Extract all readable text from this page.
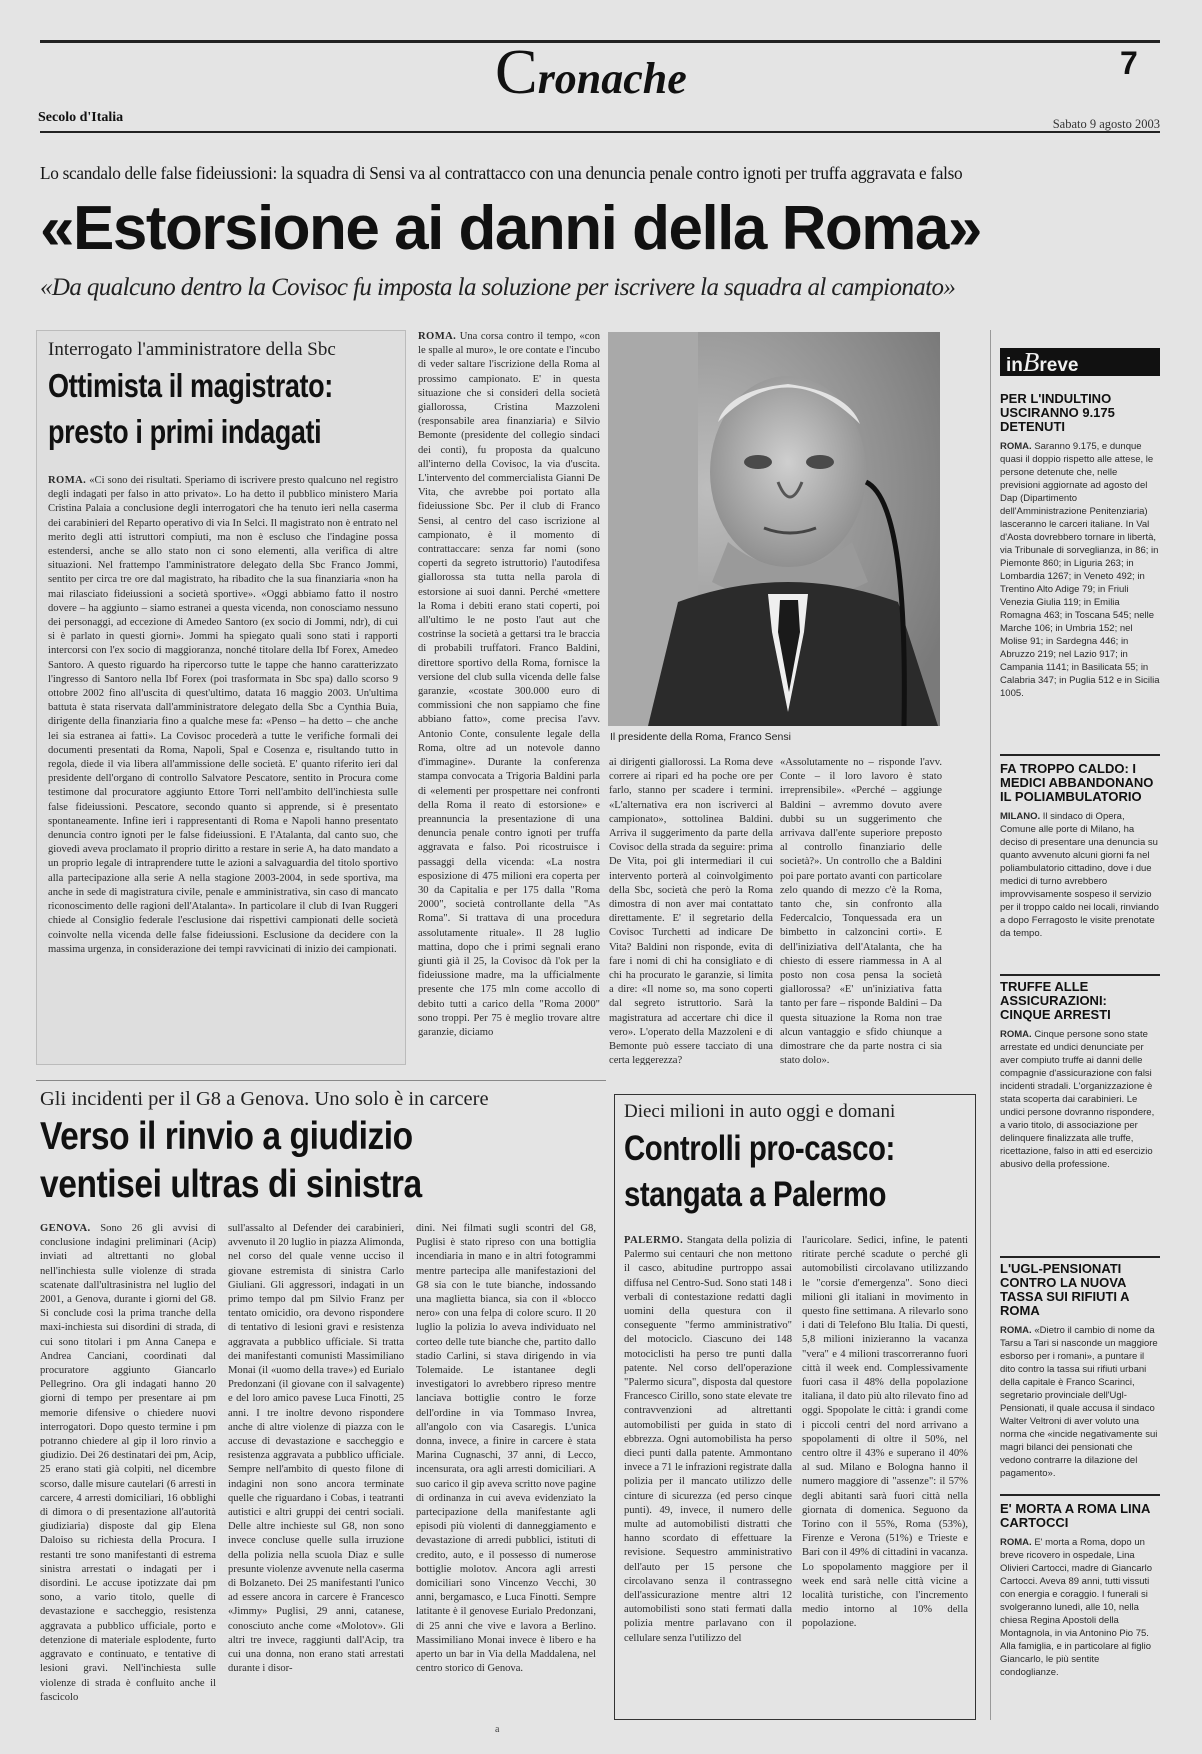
Cronache	7
Secolo d'Italia	Sabato 9 agosto 2003
Lo scandalo delle false fideiussioni: la squadra di Sensi va al contrattacco con una denuncia penale contro ignoti per truffa aggravata e falso
«Estorsione ai danni della Roma»
«Da qualcuno dentro la Covisoc fu imposta la soluzione per iscrivere la squadra al campionato»
Interrogato l'amministratore della Sbc
Ottimista il magistrato:
presto i primi indagati

ROMA. «Ci sono dei risultati. Speriamo di iscrivere presto qualcuno nel registro degli indagati per falso in atto privato». Lo ha detto il pubblico ministero Maria Cristina Palaia a conclusione degli interrogatori che ha tenuto ieri nella caserma dei carabinieri del Reparto operativo di via In Selci. Il magistrato non è entrato nel merito degli atti istruttori compiuti, ma non è escluso che l'indagine possa estendersi, anche se allo stato non ci sono elementi, alla verifica di altre situazioni. Nel frattempo l'amministratore delegato della Sbc Franco Jommi, sentito per circa tre ore dal magistrato, ha ribadito che la sua finanziaria «non ha mai rilasciato fideiussioni a società sportive». «Oggi abbiamo fatto il nostro dovere – ha aggiunto – siamo estranei a questa vicenda, non conosciamo nessuno dei personaggi, ad eccezione di Amedeo Santoro (ex socio di Jommi, ndr), di cui si è parlato in questi giorni». Jommi ha spiegato quali sono stati i rapporti intercorsi con l'ex socio di maggioranza, nonché titolare della Ibf Forex, Amedeo Santoro. A questo riguardo ha ripercorso tutte le tappe che hanno caratterizzato l'ingresso di Santoro nella Ibf Forex (poi trasformata in Sbc spa) dallo scorso 9 ottobre 2002 fino all'uscita di quest'ultimo, datata 16 maggio 2003. Un'ultima battuta è stata riservata dall'amministratore delegato della Sbc a Cynthia Buia, dirigente della finanziaria fino a qualche mese fa: «Penso – ha detto – che anche lei sia estranea ai fatti». La Covisoc procederà a tutte le verifiche formali dei documenti presentati da Roma, Napoli, Spal e Cosenza e, risultando tutto in regola, diede il via libera all'ammissione delle società. E' quanto riferito ieri dal presidente dell'organo di controllo Salvatore Pescatore, sentito in Procura come testimone dal procuratore aggiunto Ettore Torri nell'ambito dell'inchiesta sulle false fideiussioni. Pescatore, secondo quanto si apprende, si è presentato spontaneamente. Infine ieri i rappresentanti di Roma e Napoli hanno presentato denuncia contro ignoti per le false fideiussioni. E l'Atalanta, dal canto suo, che giovedì aveva proclamato il proprio diritto a restare in serie A, ha dato mandato a un proprio legale di intraprendere tutte le azioni a salvaguardia del titolo sportivo alla partecipazione alla serie A nella stagione 2003-2004, in sede sportiva, ma anche in sede di magistratura civile, penale e amministrativa, sin caso di mancato riconoscimento delle ragioni dell'Atalanta». In particolare il club di Ivan Ruggeri chiede al Consiglio federale l'esclusione dai rispettivi campionati delle società coinvolte nella vicenda delle false fideiussioni. Esclusione da decidere con la massima urgenza, in considerazione dei tempi ravvicinati di inizio dei campionati.

ROMA. Una corsa contro il tempo, «con le spalle al muro», le ore contate e l'incubo di veder saltare l'iscrizione della Roma al prossimo campionato. E' in questa situazione che si consideri della società giallorossa, Cristina Mazzoleni (responsabile area finanziaria) e Silvio Bemonte (presidente del collegio sindaci dei conti), fu proposta da qualcuno all'interno della Covisoc, la via d'uscita. L'intervento del commercialista Gianni De Vita, che avrebbe poi portato alla fideiussione Sbc. Per il club di Franco Sensi, al centro del caso iscrizione al campionato, è il momento di contrattaccare: senza far nomi (sono coperti da segreto istruttorio) l'autodifesa giallorossa sta tutta nella parola di estorsione ai suoi danni. Perché «mettere la Roma i debiti erano stati coperti, poi all'ultimo le ne posto l'aut aut che costrinse la società a gettarsi tra le braccia di probabili truffatori. Franco Baldini, direttore sportivo della Roma, fornisce la versione del club sulla vicenda delle false garanzie, «costate 300.000 euro di commissioni che non sappiamo che fine abbiano fatto», come precisa l'avv. Antonio Conte, consulente legale della Roma, oltre ad un notevole danno d'immagine». Durante la conferenza stampa convocata a Trigoria Baldini parla di «elementi per prospettare nei confronti della Roma il reato di estorsione» e preannuncia la presentazione di una denuncia penale contro ignoti per truffa aggravata e falso. Poi ricostruisce i passaggi della vicenda: «La nostra esposizione di 475 milioni era coperta per 30 da Capitalia e per 175 dalla "Roma 2000", società controllante della "As Roma". Si trattava di una procedura assolutamente rituale». Il 28 luglio mattina, dopo che i primi segnali erano giunti già il 25, la Covisoc dà l'ok per la fideiussione madre, ma la ufficialmente presente che 175 mln come accollo di debito tutti a carico della "Roma 2000" sono troppi. Per 75 è meglio trovare altre garanzie, diciamo

Il presidente della Roma, Franco Sensi

ai dirigenti giallorossi. La Roma deve correre ai ripari ed ha poche ore per farlo, stanno per scadere i termini. «L'alternativa era non iscriverci al campionato», sottolinea Baldini. Arriva il suggerimento da parte della Covisoc della strada da seguire: prima De Vita, poi gli intermediari il cui intervento porterà al coinvolgimento della Sbc, società che però la Roma dimostra di non aver mai contattato direttamente. E' il segretario della Covisoc Turchetti ad indicare De Vita? Baldini non risponde, evita di fare i nomi di chi ha consigliato e di chi ha procurato le garanzie, si limita a dire: «Il nome so, ma sono coperti dal segreto istruttorio. Sarà la magistratura ad accertare chi dice il vero». L'operato della Mazzoleni e di Bemonte può essere tacciato di una certa leggerezza?

«Assolutamente no – risponde l'avv. Conte – il loro lavoro è stato irreprensibile». «Perché – aggiunge Baldini – avremmo dovuto avere dubbi su un suggerimento che arrivava dall'ente superiore preposto al controllo finanziario delle società?». Un controllo che a Baldini poi pare portato avanti con particolare zelo quando di mezzo c'è la Roma, tanto che, sin confronto alla Federcalcio, Tonquessada era un bimbetto in calzoncini corti». E dell'iniziativa dell'Atalanta, che ha chiesto di essere riammessa in A al posto non cosa pensa la società giallorossa? «E' un'iniziativa fatta tanto per fare – risponde Baldini – Da questa situazione la Roma non trae alcun vantaggio e sfido chiunque a dimostrare che da parte nostra ci sia stato dolo».

inBreve
PER L'INDULTINO USCIRANNO 9.175 DETENUTI
ROMA. Saranno 9.175, e dunque quasi il doppio rispetto alle attese, le persone detenute che, nelle previsioni aggiornate ad agosto del Dap (Dipartimento dell'Amministrazione Penitenziaria) lasceranno le carceri italiane. In Val d'Aosta dovrebbero tornare in libertà, via Tribunale di sorveglianza, in 86; in Piemonte 860; in Liguria 263; in Lombardia 1267; in Veneto 492; in Trentino Alto Adige 79; in Friuli Venezia Giulia 119; in Emilia Romagna 463; in Toscana 545; nelle Marche 106; in Umbria 152; nel Molise 91; in Sardegna 446; in Abruzzo 219; nel Lazio 917; in Campania 1141; in Basilicata 55; in Calabria 347; in Puglia 512 e in Sicilia 1005.
FA TROPPO CALDO: I MEDICI ABBANDONANO IL POLIAMBULATORIO
MILANO. Il sindaco di Opera, Comune alle porte di Milano, ha deciso di presentare una denuncia su quanto avvenuto alcuni giorni fa nel poliambulatorio cittadino, dove i due medici di turno avrebbero improvvisamente sospeso il servizio per il troppo caldo nei locali, rinviando a dopo Ferragosto le visite prenotate da tempo.
TRUFFE ALLE ASSICURAZIONI: CINQUE ARRESTI
ROMA. Cinque persone sono state arrestate ed undici denunciate per aver compiuto truffe ai danni delle compagnie d'assicurazione con falsi incidenti stradali. L'organizzazione è stata scoperta dai carabinieri. Le undici persone dovranno rispondere, a vario titolo, di associazione per delinquere finalizzata alle truffe, ricettazione, falso in atti ed esercizio abusivo della professione.
L'UGL-PENSIONATI CONTRO LA NUOVA TASSA SUI RIFIUTI A ROMA
ROMA. «Dietro il cambio di nome da Tarsu a Tari si nasconde un maggiore esborso per i romani», a puntare il dito contro la tassa sui rifiuti urbani della capitale è Franco Scarinci, segretario provinciale dell'Ugl-Pensionati, il quale accusa il sindaco Walter Veltroni di aver voluto una norma che «incide negativamente sui magri bilanci dei pensionati che vedono contrarre la dilazione del pagamento».
E' MORTA A ROMA LINA CARTOCCI
ROMA. E' morta a Roma, dopo un breve ricovero in ospedale, Lina Olivieri Cartocci, madre di Giancarlo Cartocci. Aveva 89 anni, tutti vissuti con energia e coraggio. I funerali si svolgeranno lunedì, alle 10, nella chiesa Regina Apostoli della Montagnola, in via Antonino Pio 75. Alla famiglia, e in particolare al figlio Giancarlo, le più sentite condoglianze.
Gli incidenti per il G8 a Genova. Uno solo è in carcere
Verso il rinvio a giudizio
ventisei ultras di sinistra

GENOVA. Sono 26 gli avvisi di conclusione indagini preliminari (Acip) inviati ad altrettanti no global nell'inchiesta sulle violenze di strada scatenate dall'ultrasinistra nel luglio del 2001, a Genova, durante i giorni del G8. Si conclude così la prima tranche della maxi-inchiesta sui disordini di strada, di cui sono titolari i pm Anna Canepa e Andrea Canciani, coordinati dal procuratore aggiunto Giancarlo Pellegrino. Ora gli indagati hanno 20 giorni di tempo per presentare ai pm memorie difensive o chiedere nuovi interrogatori. Dopo questo termine i pm potranno chiedere al gip il loro rinvio a giudizio. Dei 26 destinatari dei pm, Acip, 25 erano stati già colpiti, nel dicembre scorso, dalle misure cautelari (6 arresti in carcere, 4 arresti domiciliari, 16 obblighi di dimora o di presentazione all'autorità giudiziaria) disposte dal gip Elena Daloiso su richiesta della Procura. I restanti tre sono manifestanti di estrema sinistra arrestati o indagati per i disordini. Le accuse ipotizzate dai pm sono, a vario titolo, quelle di devastazione e saccheggio, resistenza aggravata a pubblico ufficiale, porto e detenzione di materiale esplodente, furto aggravato e continuato, e tentative di lesioni gravi. Nell'inchiesta sulle violenze di strada è confluito anche il fascicolo

sull'assalto al Defender dei carabinieri, avvenuto il 20 luglio in piazza Alimonda, nel corso del quale venne ucciso il giovane estremista di sinistra Carlo Giuliani. Gli aggressori, indagati in un primo tempo dal pm Silvio Franz per tentato omicidio, ora devono rispondere di tentativo di lesioni gravi e resistenza aggravata a pubblico ufficiale. Si tratta dei manifestanti comunisti Massimiliano Monai (il «uomo della trave») ed Eurialo Predonzani (il giovane con il salvagente) e del loro amico pavese Luca Finotti, 25 anni. I tre inoltre devono rispondere anche di altre violenze di piazza con le accuse di devastazione e saccheggio e resistenza aggravata a pubblico ufficiale. Sempre nell'ambito di questo filone di indagini non sono ancora terminate quelle che riguardano i Cobas, i teatranti autistici e altri gruppi dei centri sociali. Delle altre inchieste sul G8, non sono invece concluse quelle sulla irruzione della polizia nella scuola Diaz e sulle presunte violenze avvenute nella caserma di Bolzaneto. Dei 25 manifestanti l'unico ad essere ancora in carcere è Francesco «Jimmy» Puglisi, 29 anni, catanese, conosciuto anche come «Molotov». Gli altri tre invece, raggiunti dall'Acip, tra cui una donna, non erano stati arrestati durante i disor-

dini. Nei filmati sugli scontri del G8, Puglisi è stato ripreso con una bottiglia incendiaria in mano e in altri fotogrammi mentre partecipa alle manifestazioni del G8 sia con le tute bianche, indossando una maglietta bianca, sia con il «blocco nero» con una felpa di colore scuro. Il 20 luglio la polizia lo aveva individuato nel corteo delle tute bianche che, partito dallo stadio Carlini, si stava dirigendo in via Tolemaide. Le istantanee degli investigatori lo avrebbero ripreso mentre lanciava bottiglie contro le forze dell'ordine in via Tommaso Invrea, all'angolo con via Casaregis. L'unica donna, invece, a finire in carcere è stata Marina Cugnaschi, 37 anni, di Lecco, incensurata, ora agli arresti domiciliari. A suo carico il gip aveva scritto nove pagine di ordinanza in cui aveva evidenziato la partecipazione della manifestante agli episodi più violenti di danneggiamento e devastazione di arredi pubblici, istituti di credito, auto, e il possesso di numerose bottiglie molotov. Ancora agli arresti domiciliari sono Vincenzo Vecchi, 30 anni, bergamasco, e Luca Finotti. Sempre latitante è il genovese Eurialo Predonzani, di 25 anni che vive e lavora a Berlino. Massimiliano Monai invece è libero e ha aperto un bar in Via della Maddalena, nel centro storico di Genova.

Dieci milioni in auto oggi e domani
Controlli pro-casco:
stangata a Palermo

PALERMO. Stangata della polizia di Palermo sui centauri che non mettono il casco, abitudine purtroppo assai diffusa nel Centro-Sud. Sono stati 148 i verbali di contestazione redatti dagli uomini della questura con il conseguente "fermo amministrativo" del motociclo. Ciascuno dei 148 motociclisti ha perso tre punti dalla patente. Nel corso dell'operazione "Palermo sicura", disposta dal questore Francesco Cirillo, sono state elevate tre contravvenzioni ad altrettanti automobilisti per guida in stato di ebbrezza. Ogni automobilista ha perso dieci punti dalla patente. Ammontano invece a 71 le infrazioni registrate dalla polizia per il mancato utilizzo delle cinture di sicurezza (ed perso cinque punti). 49, invece, il numero delle multe ad automobilisti distratti che hanno scordato di effettuare la revisione. Sequestro amministrativo dell'auto per 15 persone che circolavano senza il contrassegno dell'assicurazione mentre altri 12 automobilisti sono stati fermati dalla polizia mentre parlavano con il cellulare senza l'utilizzo del

l'auricolare. Sedici, infine, le patenti ritirate perché scadute o perché gli automobilisti circolavano utilizzando le "corsie d'emergenza". Sono dieci milioni gli italiani in movimento in questo fine settimana. A rilevarlo sono i dati di Telefono Blu Italia. Di questi, 5,8 milioni inizieranno la vacanza "vera" e 4 milioni trascorreranno fuori città il week end. Complessivamente fuori casa il 48% della popolazione italiana, il dato più alto rilevato fino ad oggi. Spopolate le città: i grandi come i piccoli centri del nord arrivano a spopolamenti di oltre il 50%, nel centro oltre il 43% e superano il 40% al sud. Milano e Bologna hanno il numero maggiore di "assenze": il 57% degli abitanti sarà fuori città nella giornata di domenica. Seguono da Torino con il 55%, Roma (53%), Firenze e Verona (51%) e Trieste e Bari con il 49% di cittadini in vacanza. Lo spopolamento maggiore per il week end sarà nelle città vicine a località turistiche, con l'incremento medio intorno al 10% della popolazione.

a
